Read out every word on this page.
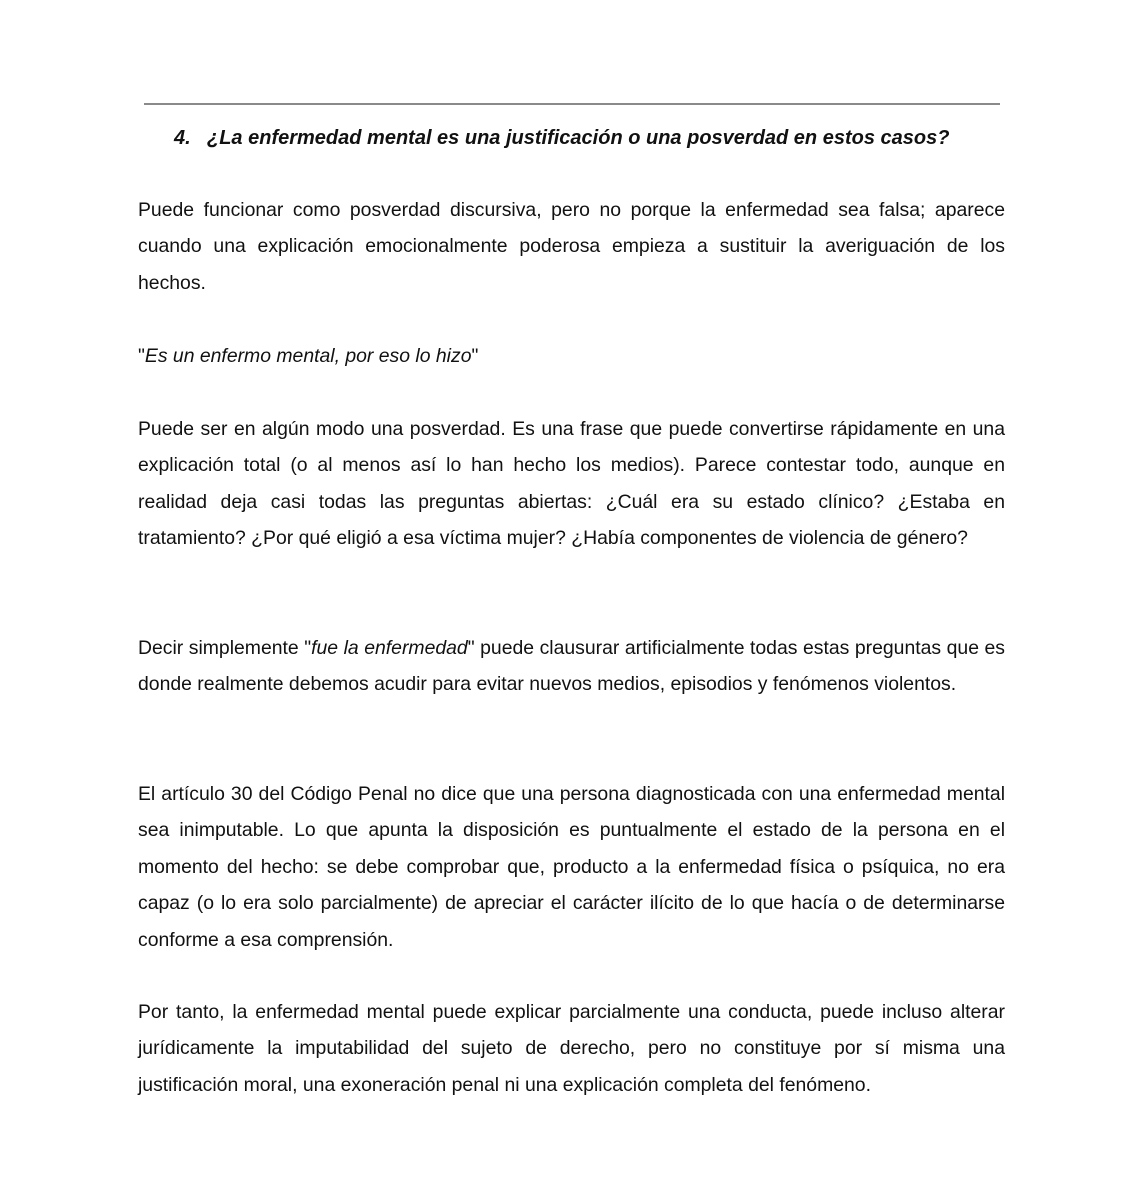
4. ¿La enfermedad mental es una justificación o una posverdad en estos casos?
Puede funcionar como posverdad discursiva, pero no porque la enfermedad sea falsa; aparece cuando una explicación emocionalmente poderosa empieza a sustituir la averiguación de los hechos.
"Es un enfermo mental, por eso lo hizo"
Puede ser en algún modo una posverdad. Es una frase que puede convertirse rápidamente en una explicación total (o al menos así lo han hecho los medios). Parece contestar todo, aunque en realidad deja casi todas las preguntas abiertas: ¿Cuál era su estado clínico? ¿Estaba en tratamiento? ¿Por qué eligió a esa víctima mujer? ¿Había componentes de violencia de género?
Decir simplemente "fue la enfermedad" puede clausurar artificialmente todas estas preguntas que es donde realmente debemos acudir para evitar nuevos medios, episodios y fenómenos violentos.
El artículo 30 del Código Penal no dice que una persona diagnosticada con una enfermedad mental sea inimputable. Lo que apunta la disposición es puntualmente el estado de la persona en el momento del hecho: se debe comprobar que, producto a la enfermedad física o psíquica, no era capaz (o lo era solo parcialmente) de apreciar el carácter ilícito de lo que hacía o de determinarse conforme a esa comprensión.
Por tanto, la enfermedad mental puede explicar parcialmente una conducta, puede incluso alterar jurídicamente la imputabilidad del sujeto de derecho, pero no constituye por sí misma una justificación moral, una exoneración penal ni una explicación completa del fenómeno.
